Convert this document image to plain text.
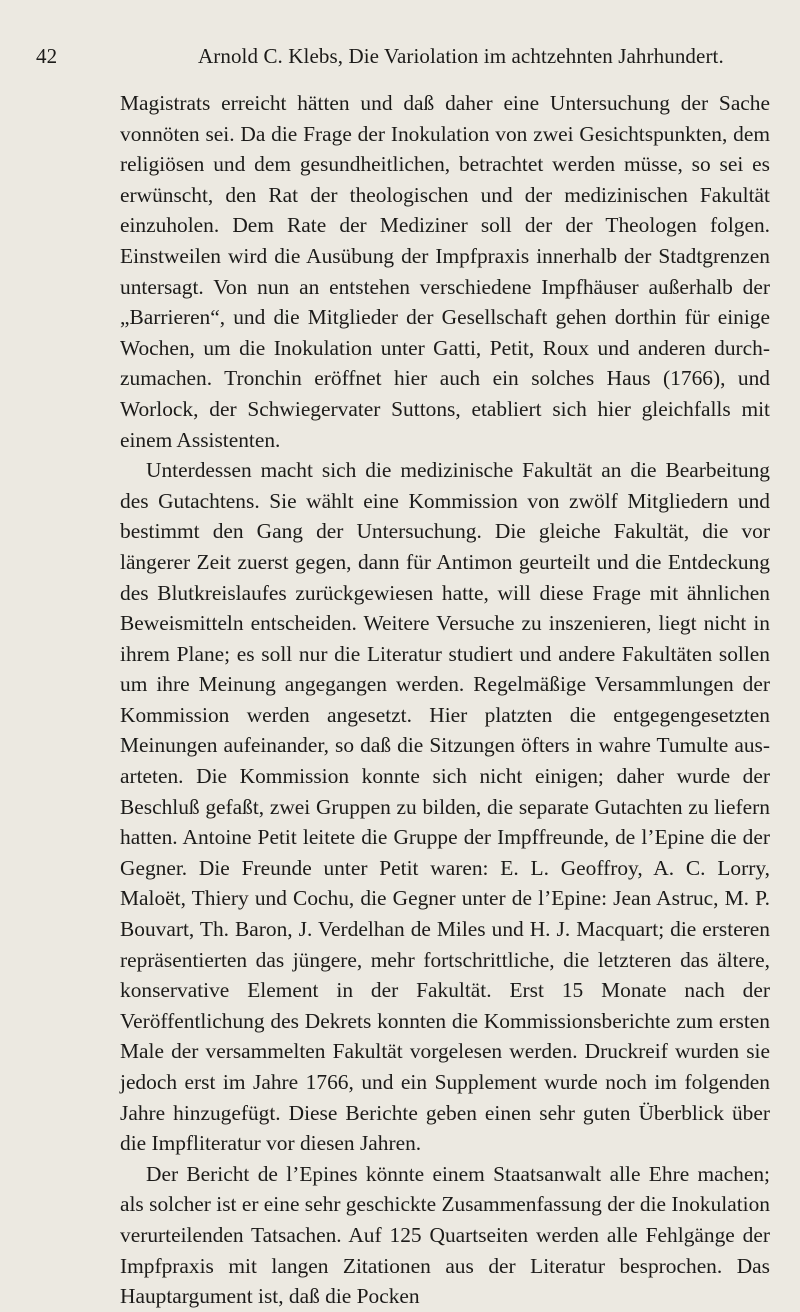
42	Arnold C. Klebs, Die Variolation im achtzehnten Jahrhundert.

Magistrats erreicht hätten und daß daher eine Untersuchung der Sache vonnöten sei. Da die Frage der Inokulation von zwei Gesichtspunkten, dem religiösen und dem gesundheitlichen, betrachtet werden müsse, so sei es erwünscht, den Rat der theologischen und der medizinischen Fakultät einzuholen. Dem Rate der Mediziner soll der der Theologen folgen. Einstweilen wird die Ausübung der Impfpraxis innerhalb der Stadtgrenzen untersagt. Von nun an entstehen verschiedene Impfhäuser außerhalb der „Barrieren“, und die Mitglieder der Gesellschaft gehen dorthin für einige Wochen, um die Inokulation unter Gatti, Petit, Roux und anderen durchzumachen. Tronchin eröffnet hier auch ein solches Haus (1766), und Worlock, der Schwiegervater Suttons, etabliert sich hier gleichfalls mit einem Assistenten.

Unterdessen macht sich die medizinische Fakultät an die Bearbeitung des Gutachtens. Sie wählt eine Kommission von zwölf Mitgliedern und bestimmt den Gang der Untersuchung. Die gleiche Fakultät, die vor längerer Zeit zuerst gegen, dann für Antimon geurteilt und die Entdeckung des Blutkreislaufes zurückgewiesen hatte, will diese Frage mit ähnlichen Beweismitteln entscheiden. Weitere Versuche zu inszenieren, liegt nicht in ihrem Plane; es soll nur die Literatur studiert und andere Fakultäten sollen um ihre Meinung angegangen werden. Regelmäßige Versammlungen der Kommission werden angesetzt. Hier platzten die entgegengesetzten Meinungen aufeinander, so daß die Sitzungen öfters in wahre Tumulte ausarteten. Die Kommission konnte sich nicht einigen; daher wurde der Beschluß gefaßt, zwei Gruppen zu bilden, die separate Gutachten zu liefern hatten. Antoine Petit leitete die Gruppe der Impffreunde, de l’Epine die der Gegner. Die Freunde unter Petit waren: E. L. Geoffroy, A. C. Lorry, Maloët, Thiery und Cochu, die Gegner unter de l’Epine: Jean Astruc, M. P. Bouvart, Th. Baron, J. Verdelhan de Miles und H. J. Macquart; die ersteren repräsentierten das jüngere, mehr fortschrittliche, die letzteren das ältere, konservative Element in der Fakultät. Erst 15 Monate nach der Veröffentlichung des Dekrets konnten die Kommissionsberichte zum ersten Male der versammelten Fakultät vorgelesen werden. Druckreif wurden sie jedoch erst im Jahre 1766, und ein Supplement wurde noch im folgenden Jahre hinzugefügt. Diese Berichte geben einen sehr guten Überblick über die Impfliteratur vor diesen Jahren.

Der Bericht de l’Epines könnte einem Staatsanwalt alle Ehre machen; als solcher ist er eine sehr geschickte Zusammenfassung der die Inokulation verurteilenden Tatsachen. Auf 125 Quartseiten werden alle Fehlgänge der Impfpraxis mit langen Zitationen aus der Literatur besprochen. Das Hauptargument ist, daß die Pocken
